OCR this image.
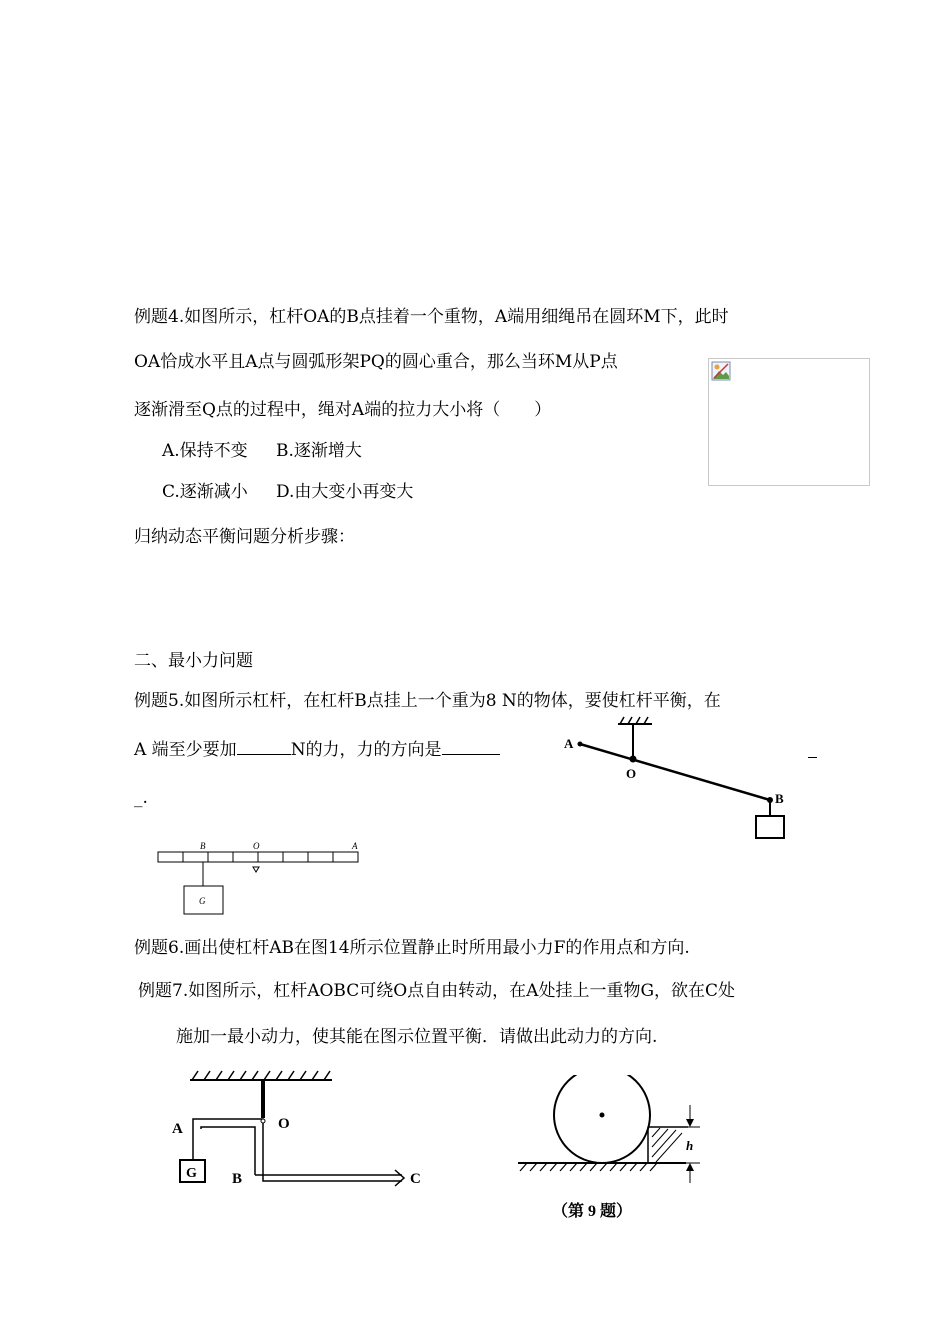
例题4.如图所示，杠杆OA的B点挂着一个重物，A端用细绳吊在圆环M下，此时
OA恰成水平且A点与圆弧形架PQ的圆心重合，那么当环M从P点
逐渐滑至Q点的过程中，绳对A端的拉力大小将（　　）
A.保持不变 B.逐渐增大
C.逐渐减小 D.由大变小再变大
归纳动态平衡问题分析步骤：
二、最小力问题
例题5.如图所示杠杆，在杠杆B点挂上一个重为8 N的物体，要使杠杆平衡，在
A 端至少要加	N的力，力的方向是
_.
A
O
B
B	O	A
G
例题6.画出使杠杆AB在图14所示位置静止时所用最小力F的作用点和方向.
例题7.如图所示，杠杆AOBC可绕O点自由转动，在A处挂上一重物G，欲在C处
施加一最小动力，使其能在图示位置平衡．请做出此动力的方向.
G
A	O
B	C
h
（第 9 题）
